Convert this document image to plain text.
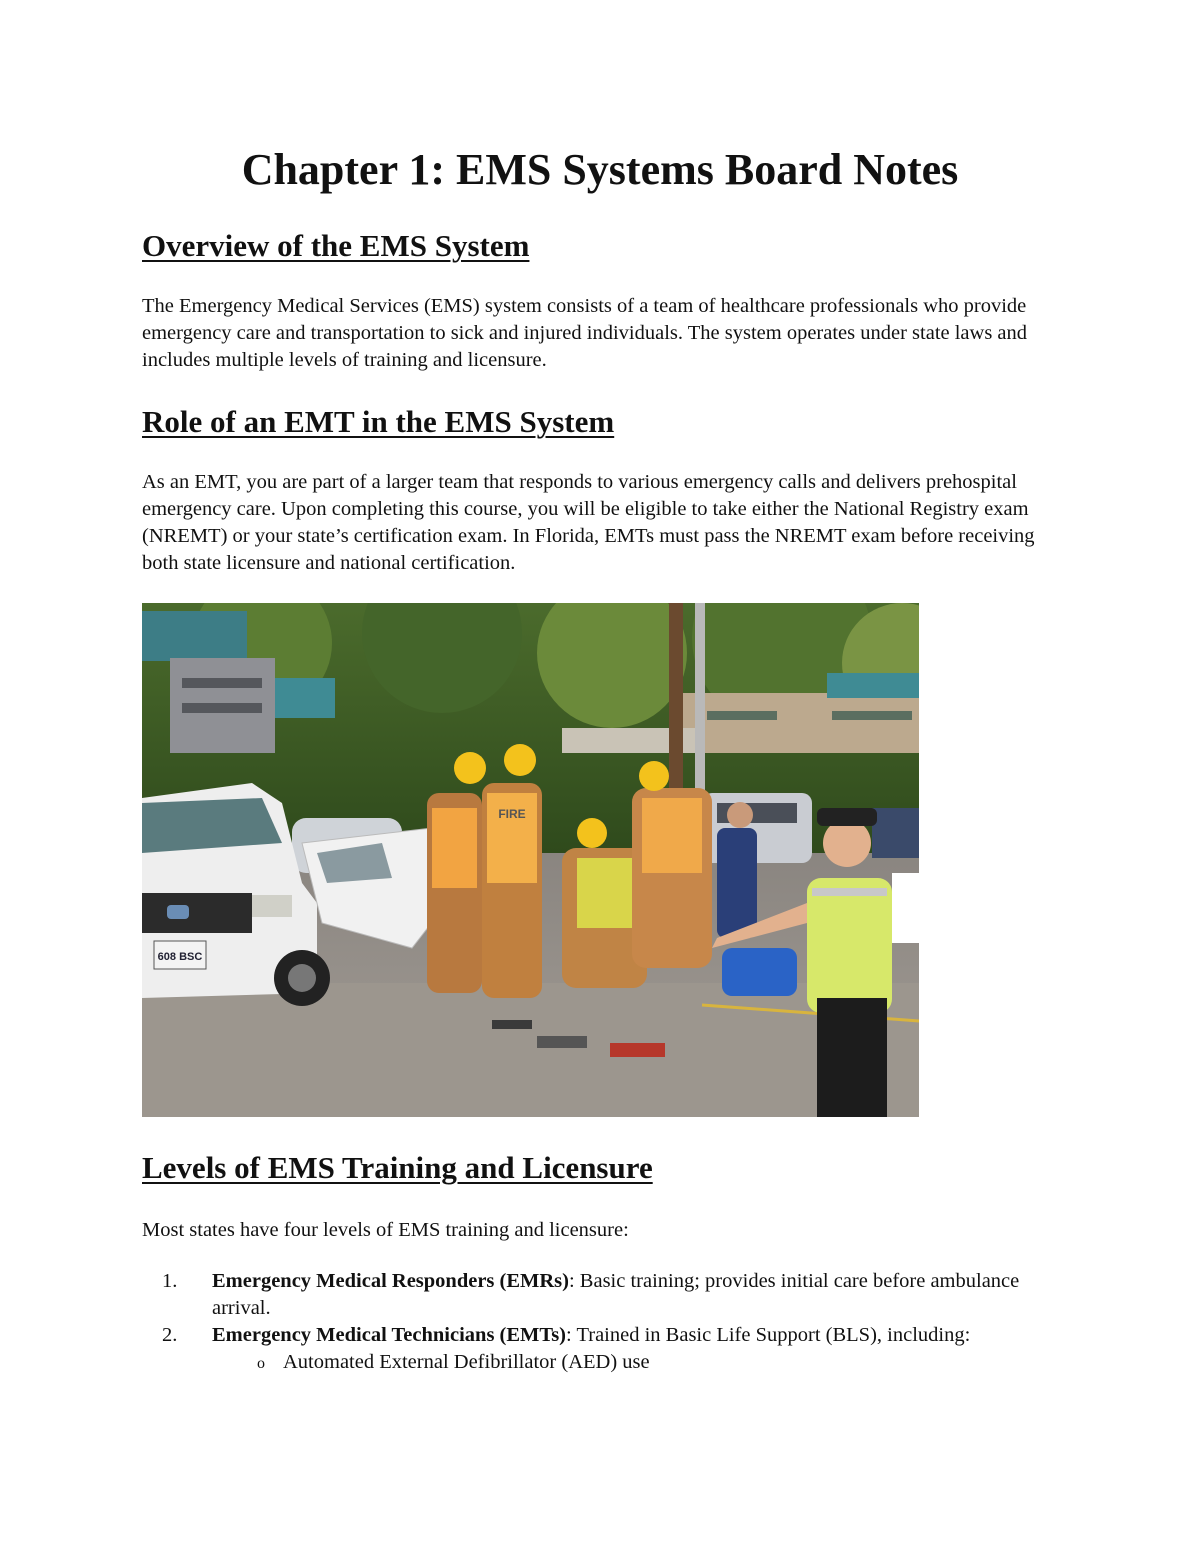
Chapter 1: EMS Systems Board Notes
Overview of the EMS System

The Emergency Medical Services (EMS) system consists of a team of healthcare professionals who provide emergency care and transportation to sick and injured individuals. The system operates under state laws and includes multiple levels of training and licensure.

Role of an EMT in the EMS System

As an EMT, you are part of a larger team that responds to various emergency calls and delivers prehospital emergency care. Upon completing this course, you will be eligible to take either the National Registry exam (NREMT) or your state’s certification exam. In Florida, EMTs must pass the NREMT exam before receiving both state licensure and national certification.

608 BSC
FIRE
Levels of EMS Training and Licensure

Most states have four levels of EMS training and licensure:

1. Emergency Medical Responders (EMRs): Basic training; provides initial care before ambulance arrival.
2. Emergency Medical Technicians (EMTs): Trained in Basic Life Support (BLS), including:
o Automated External Defibrillator (AED) use
